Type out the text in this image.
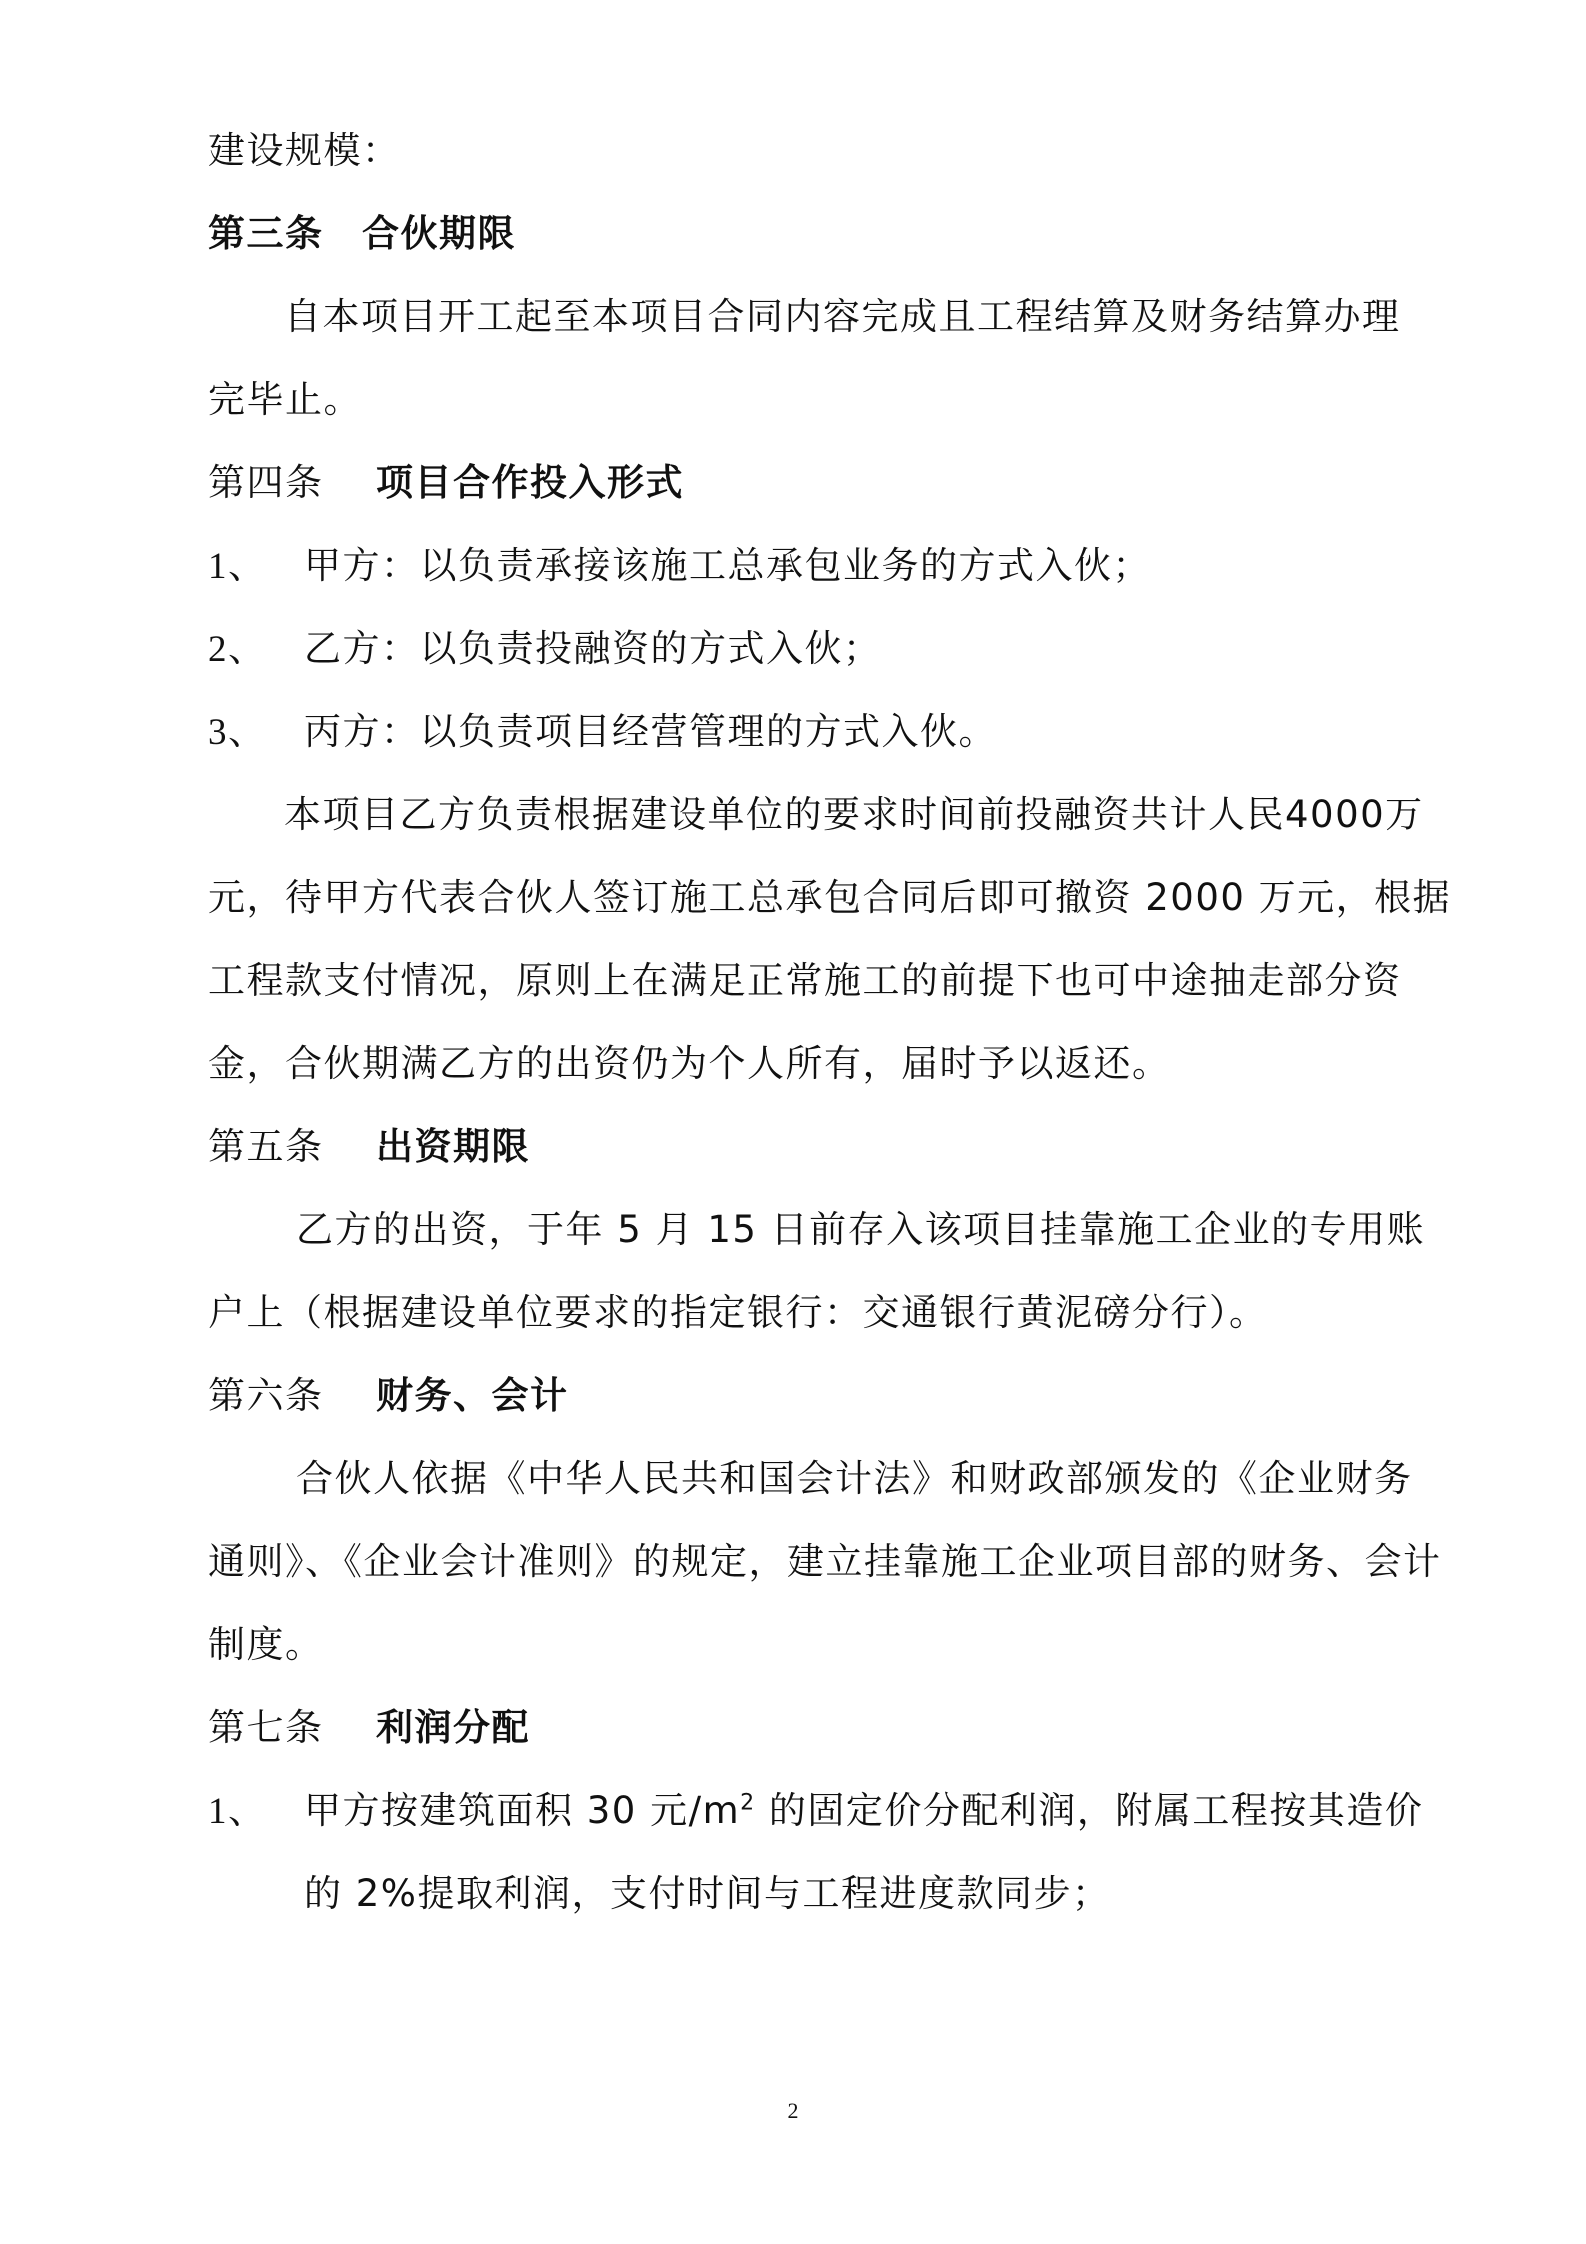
建设规模：
第三条　 合伙期限
自本项目开工起至本项目合同内容完成且工程结算及财务结算办理
完毕止。
第四条 项目合作投入形式
1、 甲方：以负责承接该施工总承包业务的方式入伙；
2、 乙方：以负责投融资的方式入伙；
3、 丙方：以负责项目经营管理的方式入伙。
本项目乙方负责根据建设单位的要求时间前投融资共计人民4000万
元，待甲方代表合伙人签订施工总承包合同后即可撤资 2000 万元，根据
工程款支付情况，原则上在满足正常施工的前提下也可中途抽走部分资
金，合伙期满乙方的出资仍为个人所有，届时予以返还。
第五条 出资期限
乙方的出资，于年 5 月 15 日前存入该项目挂靠施工企业的专用账
户上（根据建设单位要求的指定银行：交通银行黄泥磅分行）。
第六条 财务、会计
合伙人依据《中华人民共和国会计法》和财政部颁发的《企业财务
通则》、《企业会计准则》的规定，建立挂靠施工企业项目部的财务、会计
制度。
第七条 利润分配
1、 甲方按建筑面积 30 元$/m^2$ 的固定价分配利润，附属工程按其造价
的 2%提取利润，支付时间与工程进度款同步；
2
